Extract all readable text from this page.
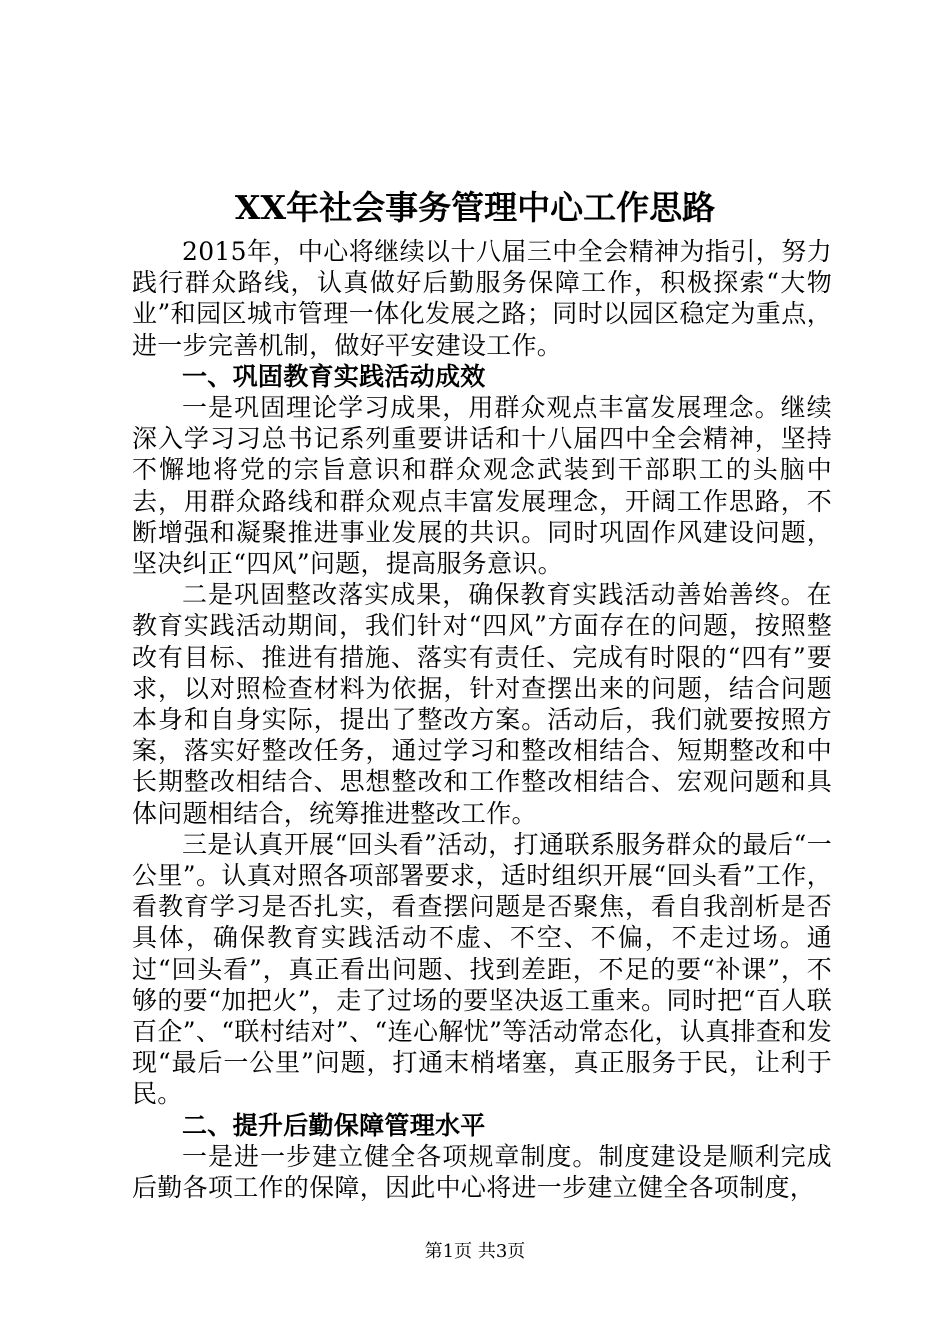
XX年社会事务管理中心工作思路

2015年，中心将继续以十八届三中全会精神为指引，努力践行群众路线，认真做好后勤服务保障工作，积极探索“大物业”和园区城市管理一体化发展之路；同时以园区稳定为重点，进一步完善机制，做好平安建设工作。

一、巩固教育实践活动成效

一是巩固理论学习成果，用群众观点丰富发展理念。继续深入学习习总书记系列重要讲话和十八届四中全会精神，坚持不懈地将党的宗旨意识和群众观念武装到干部职工的头脑中去，用群众路线和群众观点丰富发展理念，开阔工作思路，不断增强和凝聚推进事业发展的共识。同时巩固作风建设问题，坚决纠正“四风”问题，提高服务意识。

二是巩固整改落实成果，确保教育实践活动善始善终。在教育实践活动期间，我们针对“四风”方面存在的问题，按照整改有目标、推进有措施、落实有责任、完成有时限的“四有”要求，以对照检查材料为依据，针对查摆出来的问题，结合问题本身和自身实际，提出了整改方案。活动后，我们就要按照方案，落实好整改任务，通过学习和整改相结合、短期整改和中长期整改相结合、思想整改和工作整改相结合、宏观问题和具体问题相结合，统筹推进整改工作。

三是认真开展“回头看”活动，打通联系服务群众的最后“一公里”。认真对照各项部署要求，适时组织开展“回头看”工作，看教育学习是否扎实，看查摆问题是否聚焦，看自我剖析是否具体，确保教育实践活动不虚、不空、不偏，不走过场。通过“回头看”，真正看出问题、找到差距，不足的要“补课”，不够的要“加把火”，走了过场的要坚决返工重来。同时把“百人联百企”、“联村结对”、“连心解忧”等活动常态化，认真排查和发现“最后一公里”问题，打通末梢堵塞，真正服务于民，让利于民。

二、提升后勤保障管理水平

一是进一步建立健全各项规章制度。制度建设是顺利完成后勤各项工作的保障，因此中心将进一步建立健全各项制度，

第1页 共3页
